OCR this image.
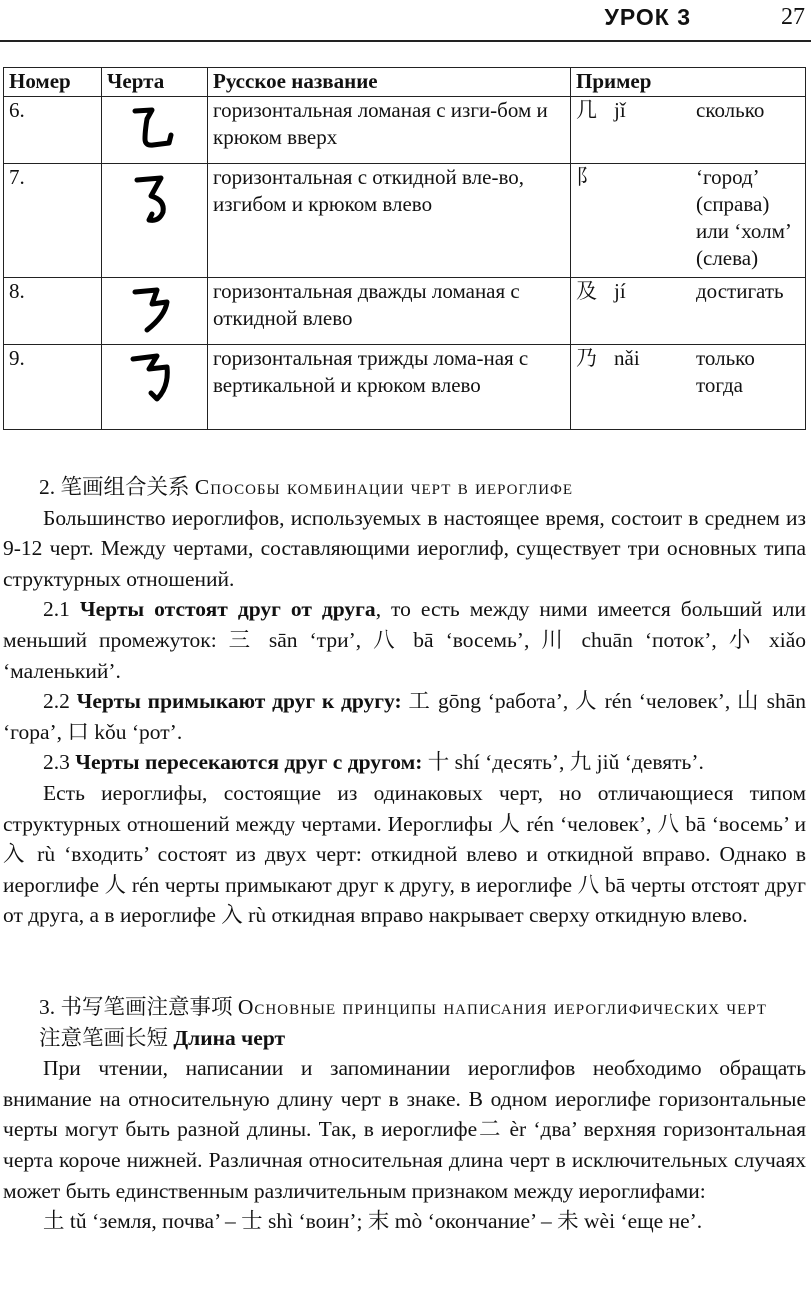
УРОК 3	27
Номер	Черта	Русское название	Пример
6.		горизонтальная ломаная с изги-бом и крюком вверх	几 jǐ сколько

7.		горизонтальная с откидной вле-во, изгибом и крюком влево	阝 ‘город’ (справа) или ‘холм’ (слева)

8.		горизонтальная дважды ломаная с откидной влево	及 jí достигать

9.		горизонтальная трижды лома-ная с вертикальной и крюком влево	乃 nǎi только тогда

2. 笔画组合关系 Способы комбинации черт в иероглифе

Большинство иероглифов, используемых в настоящее время, состоит в среднем из 9-12 черт. Между чертами, составляющими иероглиф, существует три основных типа структурных отношений.

2.1 Черты отстоят друг от друга, то есть между ними имеется больший или меньший промежуток: 三 sān ‘три’, 八 bā ‘восемь’, 川 chuān ‘поток’, 小 xiǎo ‘маленький’.

2.2 Черты примыкают друг к другу: 工 gōng ‘работа’, 人 rén ‘человек’, 山 shān ‘гора’, 口 kǒu ‘рот’.

2.3 Черты пересекаются друг с другом: 十 shí ‘десять’, 九 jiǔ ‘девять’.

Есть иероглифы, состоящие из одинаковых черт, но отличающиеся типом структурных отношений между чертами. Иероглифы 人 rén ‘человек’, 八 bā ‘восемь’ и 入 rù ‘входить’ состоят из двух черт: откидной влево и откидной вправо. Однако в иероглифе 人 rén черты примыкают друг к другу, в иероглифе 八 bā черты отстоят друг от друга, а в иероглифе 入 rù откидная вправо накрывает сверху откидную влево.

3. 书写笔画注意事项 Основные принципы написания иероглифических черт

注意笔画长短 Длина черт

При чтении, написании и запоминании иероглифов необходимо обращать внимание на относительную длину черт в знаке. В одном иероглифе горизонтальные черты могут быть разной длины. Так, в иероглифе二 èr ‘два’ верхняя горизонтальная черта короче нижней. Различная относительная длина черт в исключительных случаях может быть единственным различительным признаком между иероглифами:

土 tǔ ‘земля, почва’ – 士 shì ‘воин’; 末 mò ‘окончание’ – 未 wèi ‘еще не’.
